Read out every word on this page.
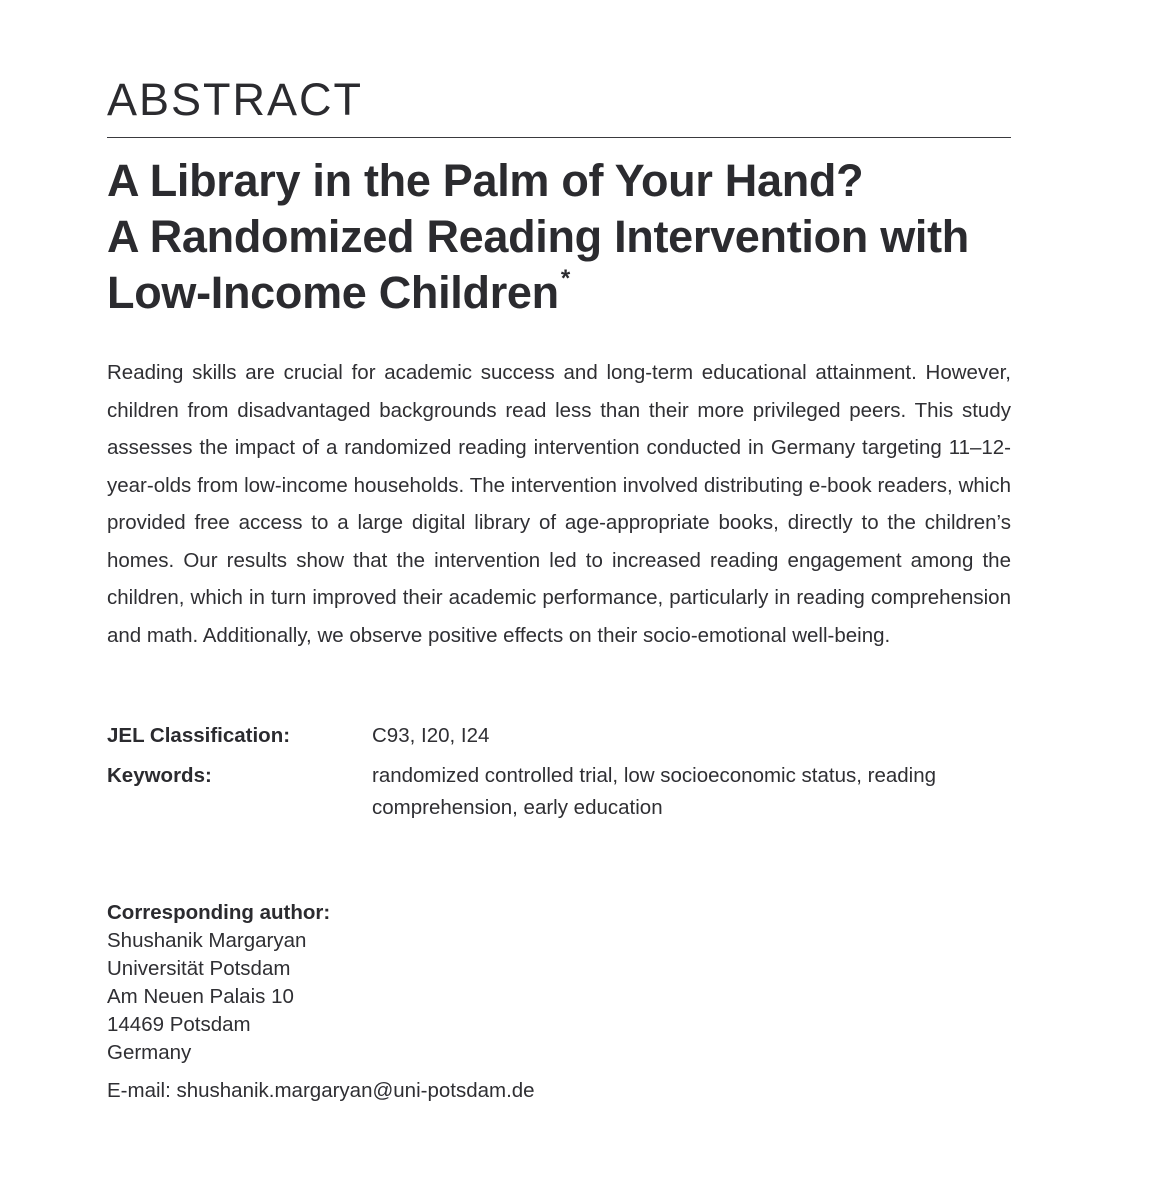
ABSTRACT
A Library in the Palm of Your Hand?
A Randomized Reading Intervention with
Low-Income Children*

Reading skills are crucial for academic success and long-term educational attainment. However, children from disadvantaged backgrounds read less than their more privileged peers. This study assesses the impact of a randomized reading intervention conducted in Germany targeting 11–12-year-olds from low-income households. The intervention involved distributing e-book readers, which provided free access to a large digital library of age-appropriate books, directly to the children’s homes. Our results show that the intervention led to increased reading engagement among the children, which in turn improved their academic performance, particularly in reading comprehension and math. Additionally, we observe positive effects on their socio-emotional well-being.

JEL Classification:	C93, I20, I24
Keywords:	randomized controlled trial, low socioeconomic status, reading comprehension, early education
Corresponding author:
Shushanik Margaryan
Universität Potsdam
Am Neuen Palais 10
14469 Potsdam
Germany
E-mail: shushanik.margaryan@uni-potsdam.de
